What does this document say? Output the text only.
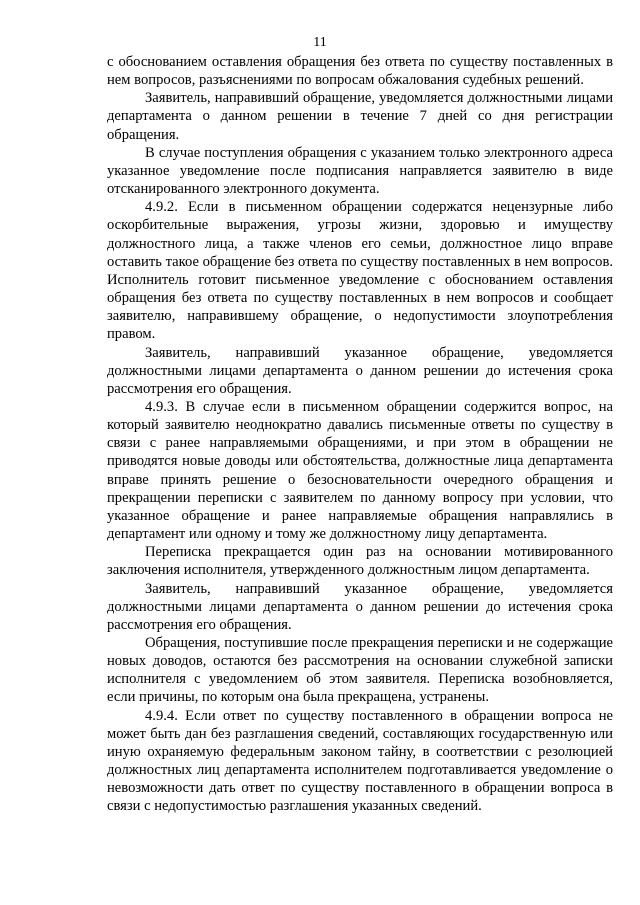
11

с обоснованием оставления обращения без ответа по существу поставленных в нем вопросов, разъяснениями по вопросам обжалования судебных решений.

Заявитель, направивший обращение, уведомляется должностными лицами департамента о данном решении в течение 7 дней со дня регистрации обращения.

В случае поступления обращения с указанием только электронного адреса указанное уведомление после подписания направляется заявителю в виде отсканированного электронного документа.

4.9.2. Если в письменном обращении содержатся нецензурные либо оскорбительные выражения, угрозы жизни, здоровью и имуществу должностного лица, а также членов его семьи, должностное лицо вправе оставить такое обращение без ответа по существу поставленных в нем вопросов. Исполнитель готовит письменное уведомление с обоснованием оставления обращения без ответа по существу поставленных в нем вопросов и сообщает заявителю, направившему обращение, о недопустимости злоупотребления правом.

Заявитель, направивший указанное обращение, уведомляется должностными лицами департамента о данном решении до истечения срока рассмотрения его обращения.

4.9.3. В случае если в письменном обращении содержится вопрос, на который заявителю неоднократно давались письменные ответы по существу в связи с ранее направляемыми обращениями, и при этом в обращении не приводятся новые доводы или обстоятельства, должностные лица департамента вправе принять решение о безосновательности очередного обращения и прекращении переписки с заявителем по данному вопросу при условии, что указанное обращение и ранее направляемые обращения направлялись в департамент или одному и тому же должностному лицу департамента.

Переписка прекращается один раз на основании мотивированного заключения исполнителя, утвержденного должностным лицом департамента.

Заявитель, направивший указанное обращение, уведомляется должностными лицами департамента о данном решении до истечения срока рассмотрения его обращения.

Обращения, поступившие после прекращения переписки и не содержащие новых доводов, остаются без рассмотрения на основании служебной записки исполнителя с уведомлением об этом заявителя. Переписка возобновляется, если причины, по которым она была прекращена, устранены.

4.9.4. Если ответ по существу поставленного в обращении вопроса не может быть дан без разглашения сведений, составляющих государственную или иную охраняемую федеральным законом тайну, в соответствии с резолюцией должностных лиц департамента исполнителем подготавливается уведомление о невозможности дать ответ по существу поставленного в обращении вопроса в связи с недопустимостью разглашения указанных сведений.
